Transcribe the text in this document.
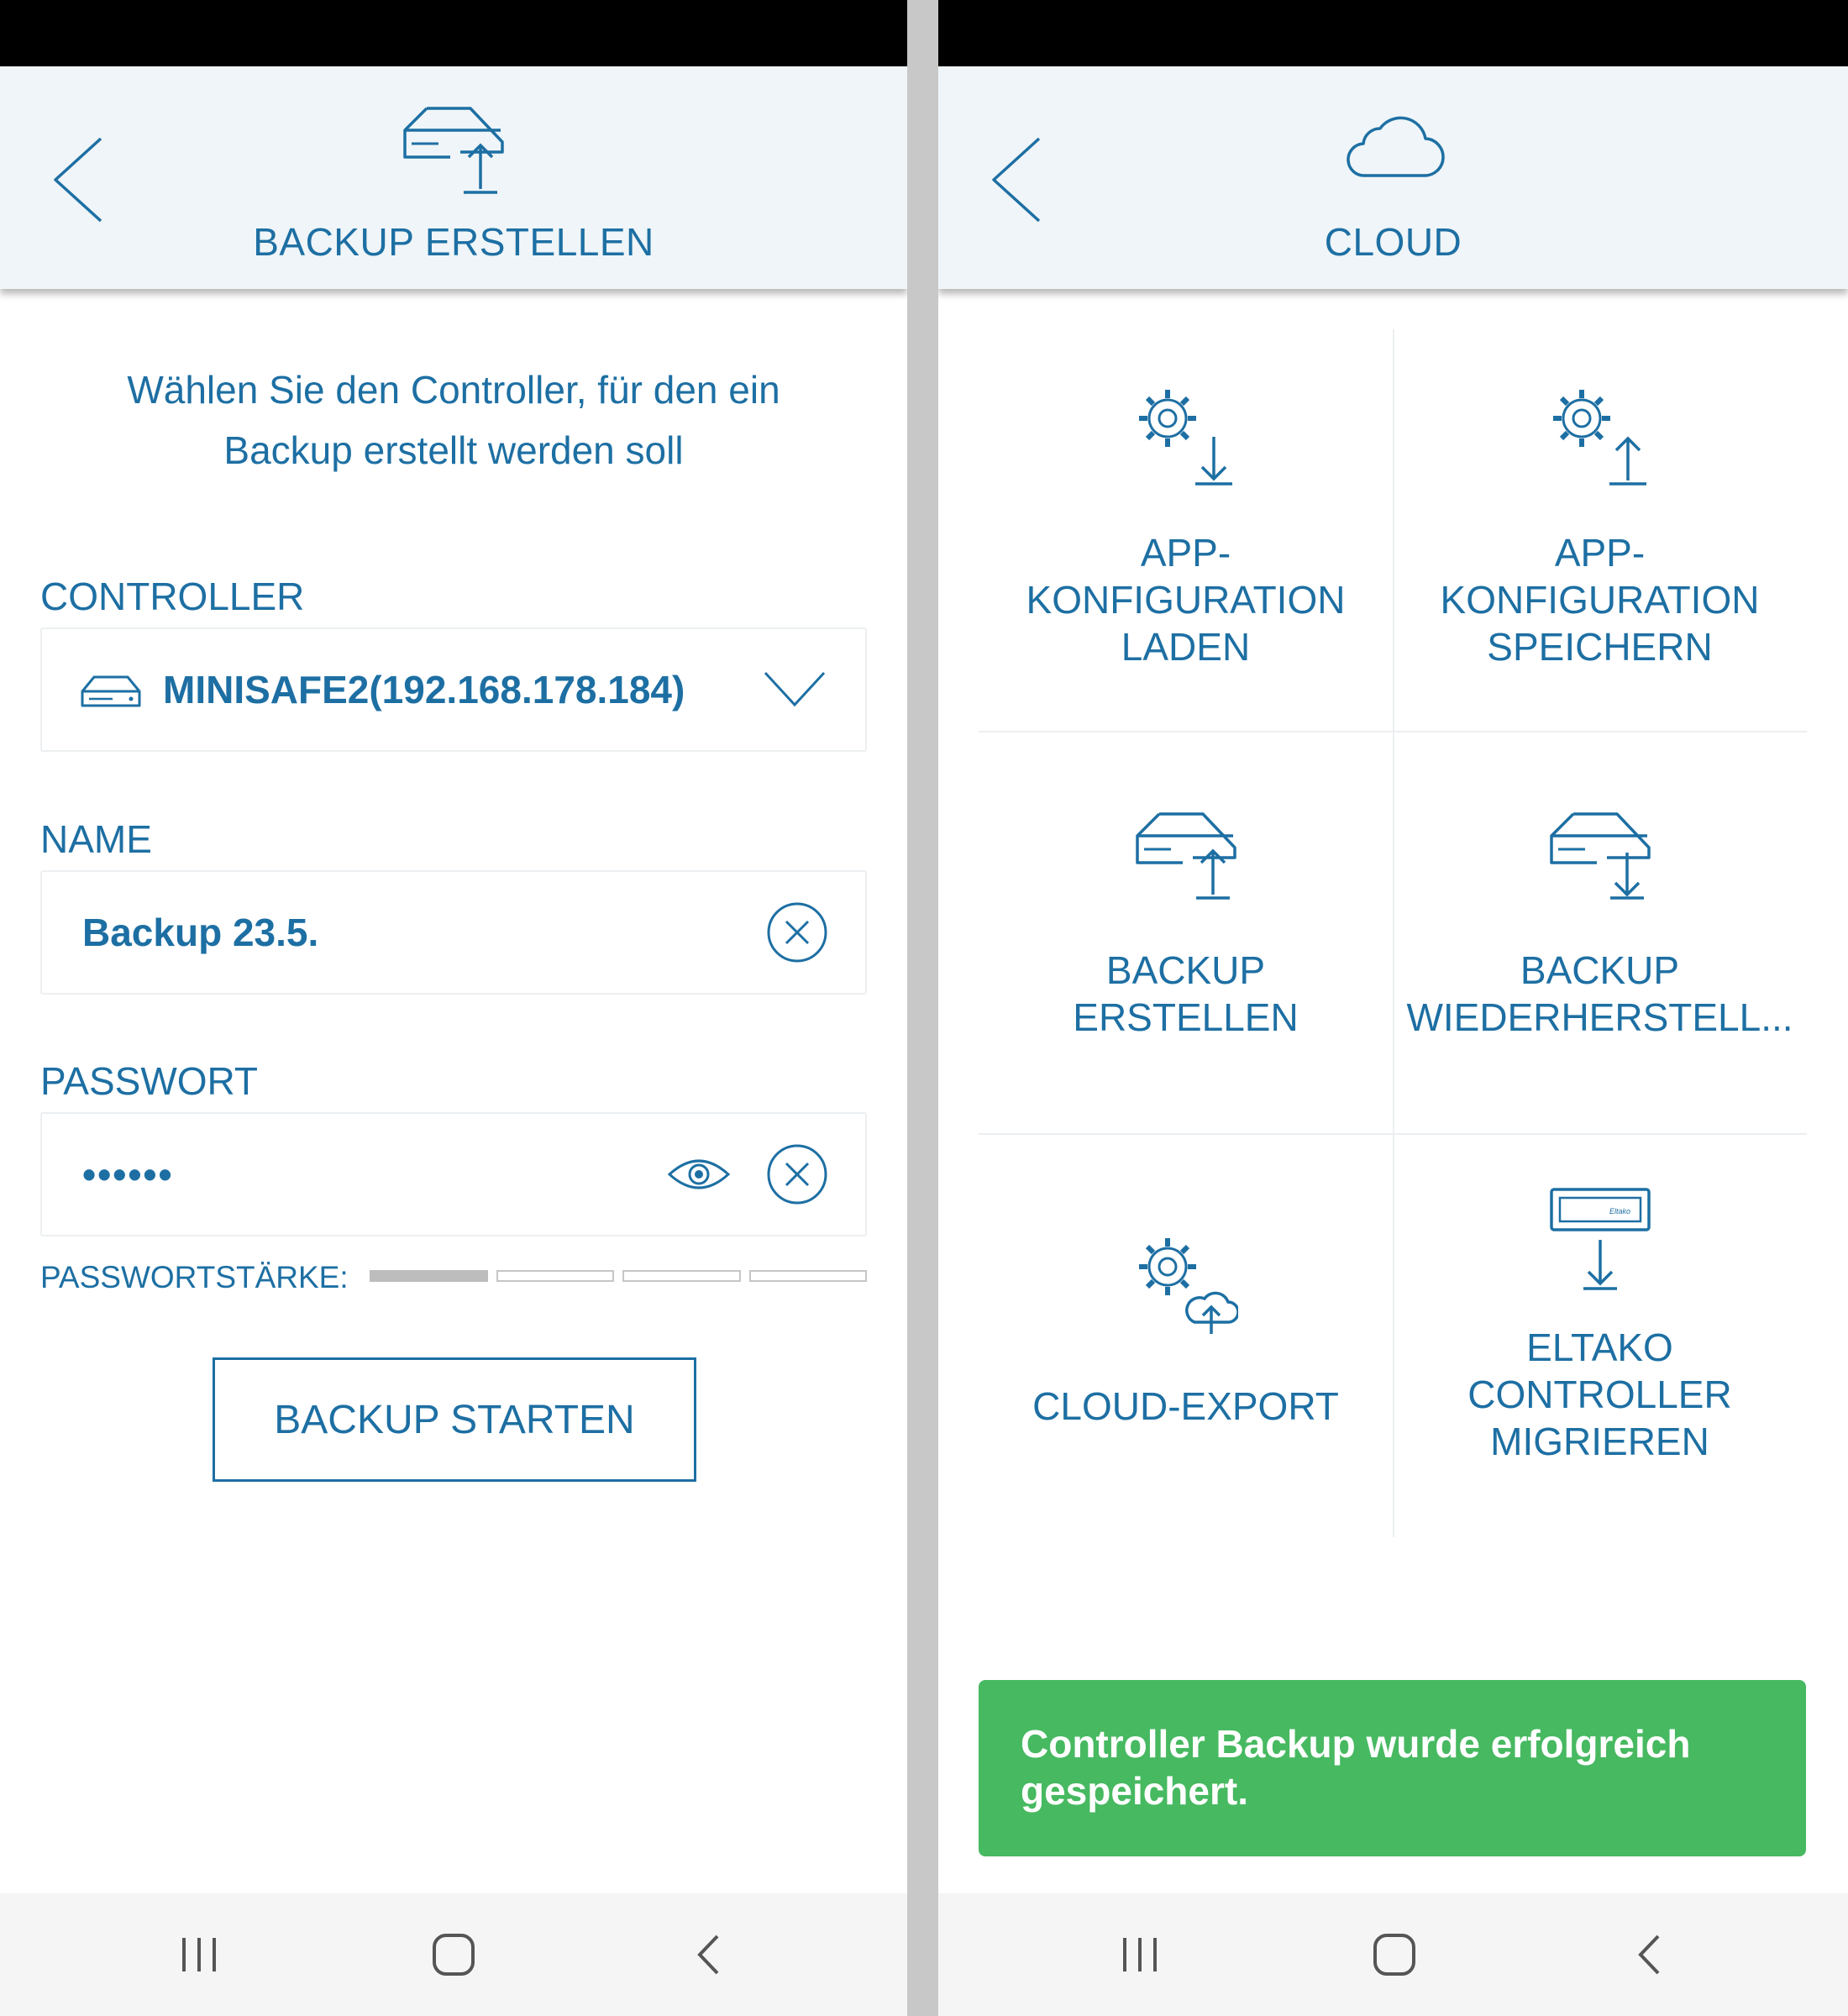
BACKUP ERSTELLEN
Wählen Sie den Controller, für den ein
Backup erstellt werden soll
CONTROLLER
MINISAFE2(192.168.178.184)
NAME
Backup 23.5.
PASSWORT
••••••
PASSWORTSTÄRKE:
BACKUP STARTEN
CLOUD
APP-
KONFIGURATION
LADEN
APP-
KONFIGURATION
SPEICHERN
BACKUP
ERSTELLEN
BACKUP
WIEDERHERSTELL...
CLOUD-EXPORT
Eltako
ELTAKO
CONTROLLER
MIGRIEREN
Controller Backup wurde erfolgreich gespeichert.
